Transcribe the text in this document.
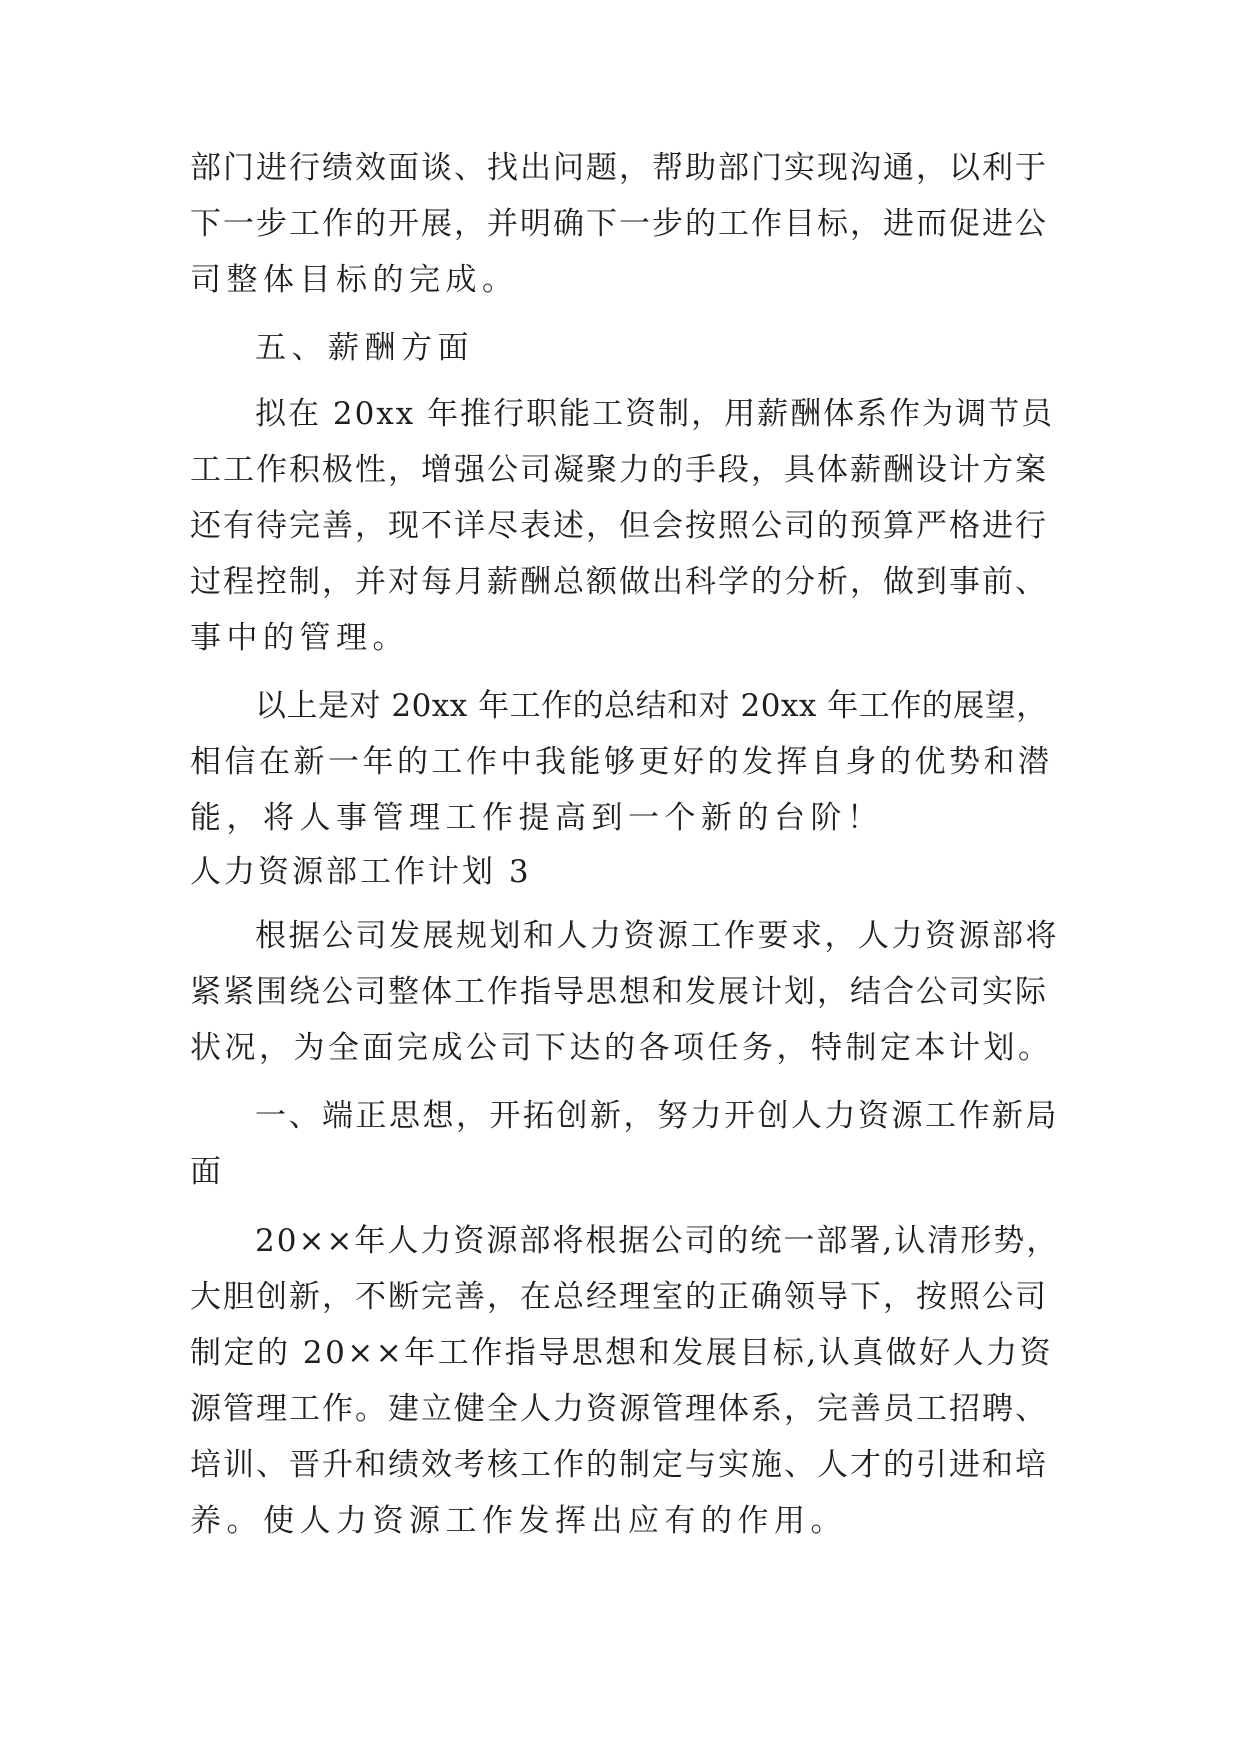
部门进行绩效面谈、找出问题，帮助部门实现沟通，以利于

下一步工作的开展，并明确下一步的工作目标，进而促进公

司整体目标的完成。

五、薪酬方面

拟在 20xx 年推行职能工资制，用薪酬体系作为调节员

工工作积极性，增强公司凝聚力的手段，具体薪酬设计方案

还有待完善，现不详尽表述，但会按照公司的预算严格进行

过程控制，并对每月薪酬总额做出科学的分析，做到事前、

事中的管理。

以上是对 20xx 年工作的总结和对 20xx 年工作的展望，

相信在新一年的工作中我能够更好的发挥自身的优势和潜

能，将人事管理工作提高到一个新的台阶！

人力资源部工作计划 3

根据公司发展规划和人力资源工作要求，人力资源部将

紧紧围绕公司整体工作指导思想和发展计划，结合公司实际

状况，为全面完成公司下达的各项任务，特制定本计划。

一、端正思想，开拓创新，努力开创人力资源工作新局

面

20××年人力资源部将根据公司的统一部署,认清形势，

大胆创新，不断完善，在总经理室的正确领导下，按照公司

制定的 20××年工作指导思想和发展目标,认真做好人力资

源管理工作。建立健全人力资源管理体系，完善员工招聘、

培训、晋升和绩效考核工作的制定与实施、人才的引进和培

养。使人力资源工作发挥出应有的作用。
